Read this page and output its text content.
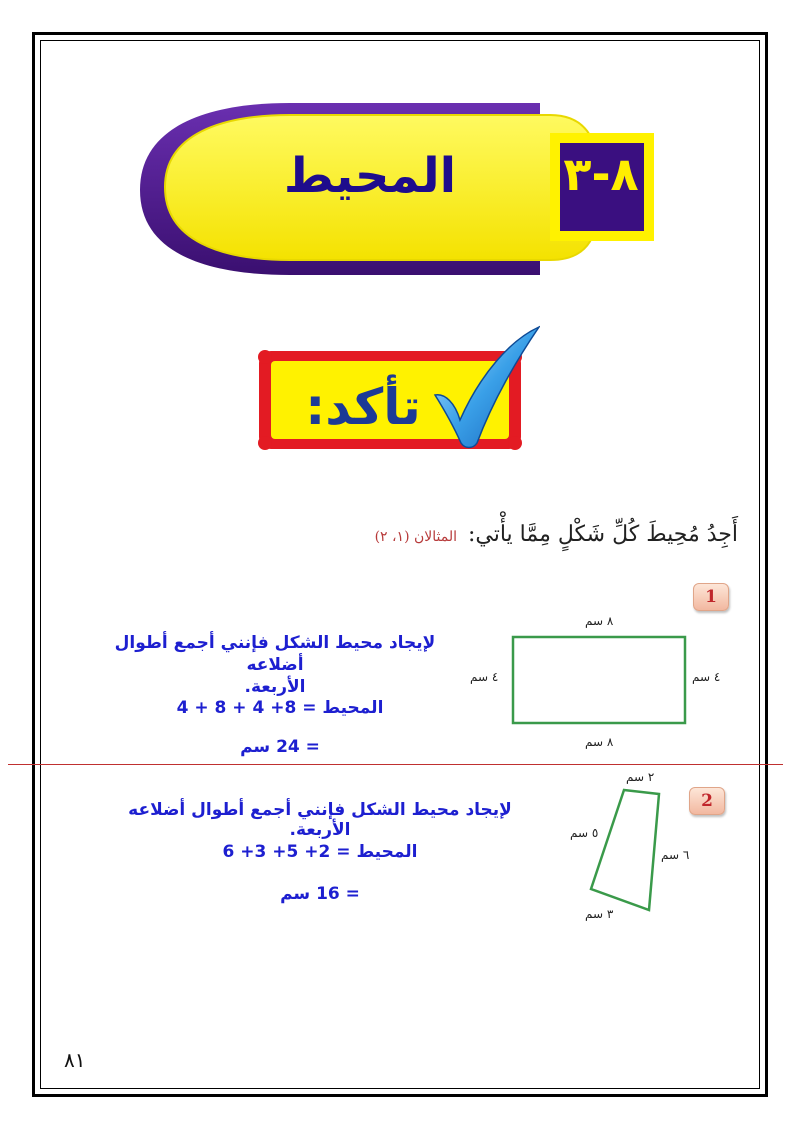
المحيط	٨-٣
تأكد:
أَجِدُ مُحِيطَ كُلِّ شَكْلٍ مِمَّا يأْتي: المثالان (١، ٢)
1
٨ سم
٨ سم
٤ سم	٤ سم
لإيجاد محيط الشكل فإنني أجمع أطوال أضلاعه
الأربعة.
المحيط = 8+ 4 + 8 + 4
= 24 سم
2
٢ سم
٥ سم
٦ سم
٣ سم
لإيجاد محيط الشكل فإنني أجمع أطوال أضلاعه الأربعة.
المحيط = 2+ 5+ 3+ 6
= 16 سم
٨١
